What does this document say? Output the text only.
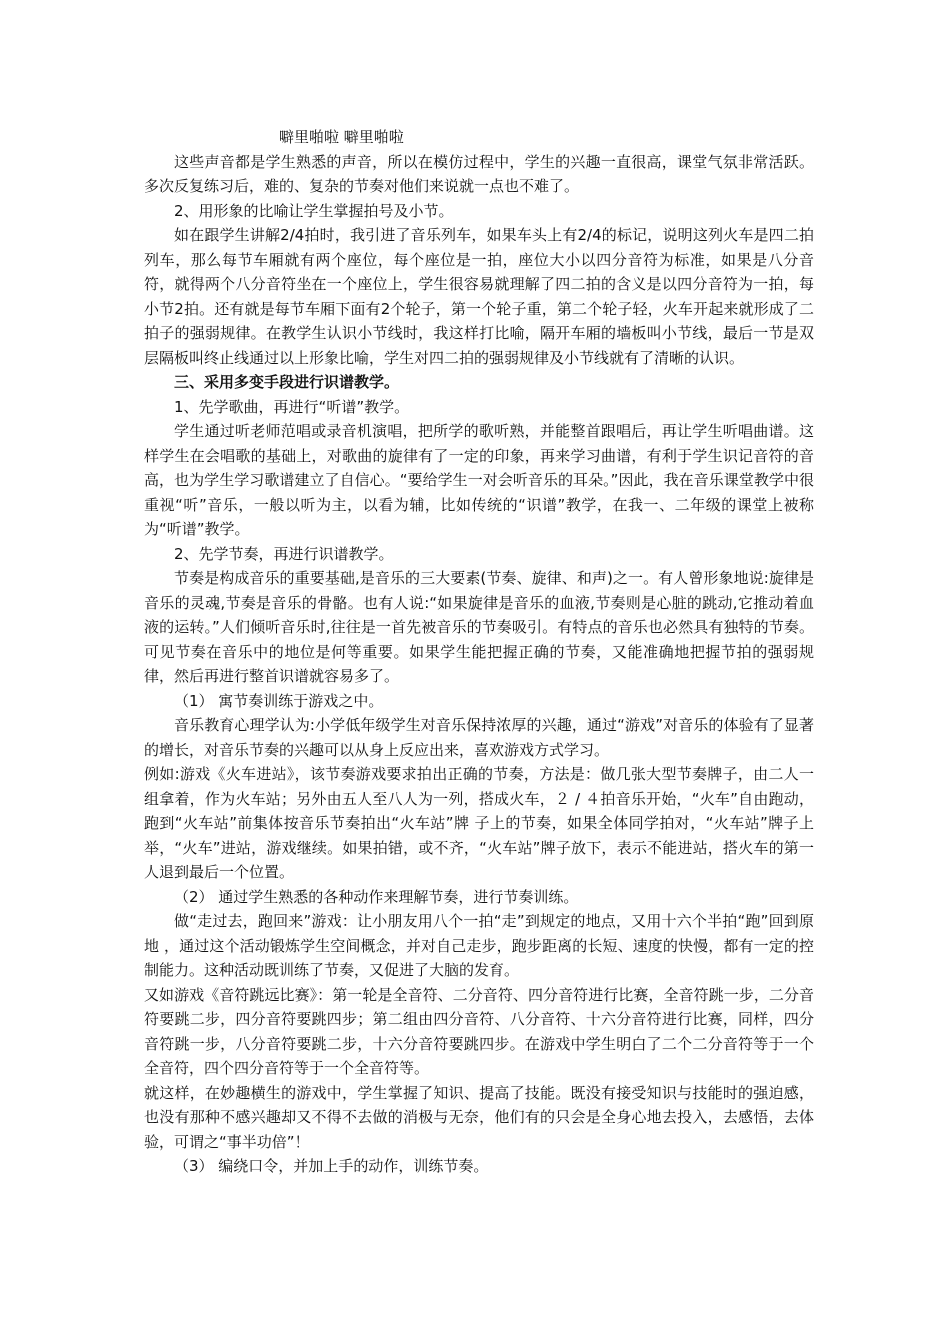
噼里啪啦 噼里啪啦

这些声音都是学生熟悉的声音，所以在模仿过程中，学生的兴趣一直很高，课堂气氛非常活跃。多次反复练习后，难的、复杂的节奏对他们来说就一点也不难了。

2、用形象的比喻让学生掌握拍号及小节。

如在跟学生讲解2/4拍时，我引进了音乐列车，如果车头上有2/4的标记，说明这列火车是四二拍列车，那么每节车厢就有两个座位，每个座位是一拍，座位大小以四分音符为标准，如果是八分音符，就得两个八分音符坐在一个座位上，学生很容易就理解了四二拍的含义是以四分音符为一拍，每小节2拍。还有就是每节车厢下面有2个轮子，第一个轮子重，第二个轮子轻，火车开起来就形成了二拍子的强弱规律。在教学生认识小节线时，我这样打比喻，隔开车厢的墙板叫小节线，最后一节是双层隔板叫终止线通过以上形象比喻，学生对四二拍的强弱规律及小节线就有了清晰的认识。

三、采用多变手段进行识谱教学。

1、先学歌曲，再进行“听谱”教学。

学生通过听老师范唱或录音机演唱，把所学的歌听熟，并能整首跟唱后，再让学生听唱曲谱。这样学生在会唱歌的基础上，对歌曲的旋律有了一定的印象，再来学习曲谱，有利于学生识记音符的音高，也为学生学习歌谱建立了自信心。“要给学生一对会听音乐的耳朵。”因此，我在音乐课堂教学中很重视“听”音乐，一般以听为主，以看为辅，比如传统的“识谱”教学，在我一、二年级的课堂上被称为“听谱”教学。

2、先学节奏，再进行识谱教学。

节奏是构成音乐的重要基础,是音乐的三大要素(节奏、旋律、和声)之一。有人曾形象地说:旋律是音乐的灵魂,节奏是音乐的骨骼。也有人说:“如果旋律是音乐的血液,节奏则是心脏的跳动,它推动着血液的运转。”人们倾听音乐时,往往是一首先被音乐的节奏吸引。有特点的音乐也必然具有独特的节奏。可见节奏在音乐中的地位是何等重要。如果学生能把握正确的节奏，又能准确地把握节拍的强弱规律，然后再进行整首识谱就容易多了。

（1） 寓节奏训练于游戏之中。

音乐教育心理学认为:小学低年级学生对音乐保持浓厚的兴趣，通过“游戏”对音乐的体验有了显著的增长，对音乐节奏的兴趣可以从身上反应出来，喜欢游戏方式学习。

例如:游戏《火车进站》，该节奏游戏要求拍出正确的节奏，方法是：做几张大型节奏牌子，由二人一组拿着，作为火车站；另外由五人至八人为一列，搭成火车，２ / ４拍音乐开始，“火车”自由跑动，跑到“火车站”前集体按音乐节奏拍出“火车站”牌 子上的节奏，如果全体同学拍对，“火车站”牌子上举，“火车”进站，游戏继续。如果拍错，或不齐，“火车站”牌子放下，表示不能进站，搭火车的第一人退到最后一个位置。

（2） 通过学生熟悉的各种动作来理解节奏，进行节奏训练。

做“走过去，跑回来”游戏：让小朋友用八个一拍“走”到规定的地点，又用十六个半拍“跑”回到原地 ，通过这个活动锻炼学生空间概念，并对自己走步，跑步距离的长短、速度的快慢，都有一定的控制能力。这种活动既训练了节奏，又促进了大脑的发育。

又如游戏《音符跳远比赛》：第一轮是全音符、二分音符、四分音符进行比赛，全音符跳一步，二分音符要跳二步，四分音符要跳四步；第二组由四分音符、八分音符、十六分音符进行比赛，同样，四分音符跳一步，八分音符要跳二步，十六分音符要跳四步。在游戏中学生明白了二个二分音符等于一个全音符，四个四分音符等于一个全音符等。

就这样，在妙趣横生的游戏中，学生掌握了知识、提高了技能。既没有接受知识与技能时的强迫感，也没有那种不感兴趣却又不得不去做的消极与无奈，他们有的只会是全身心地去投入，去感悟，去体验，可谓之“事半功倍”！

（3） 编绕口令，并加上手的动作，训练节奏。
